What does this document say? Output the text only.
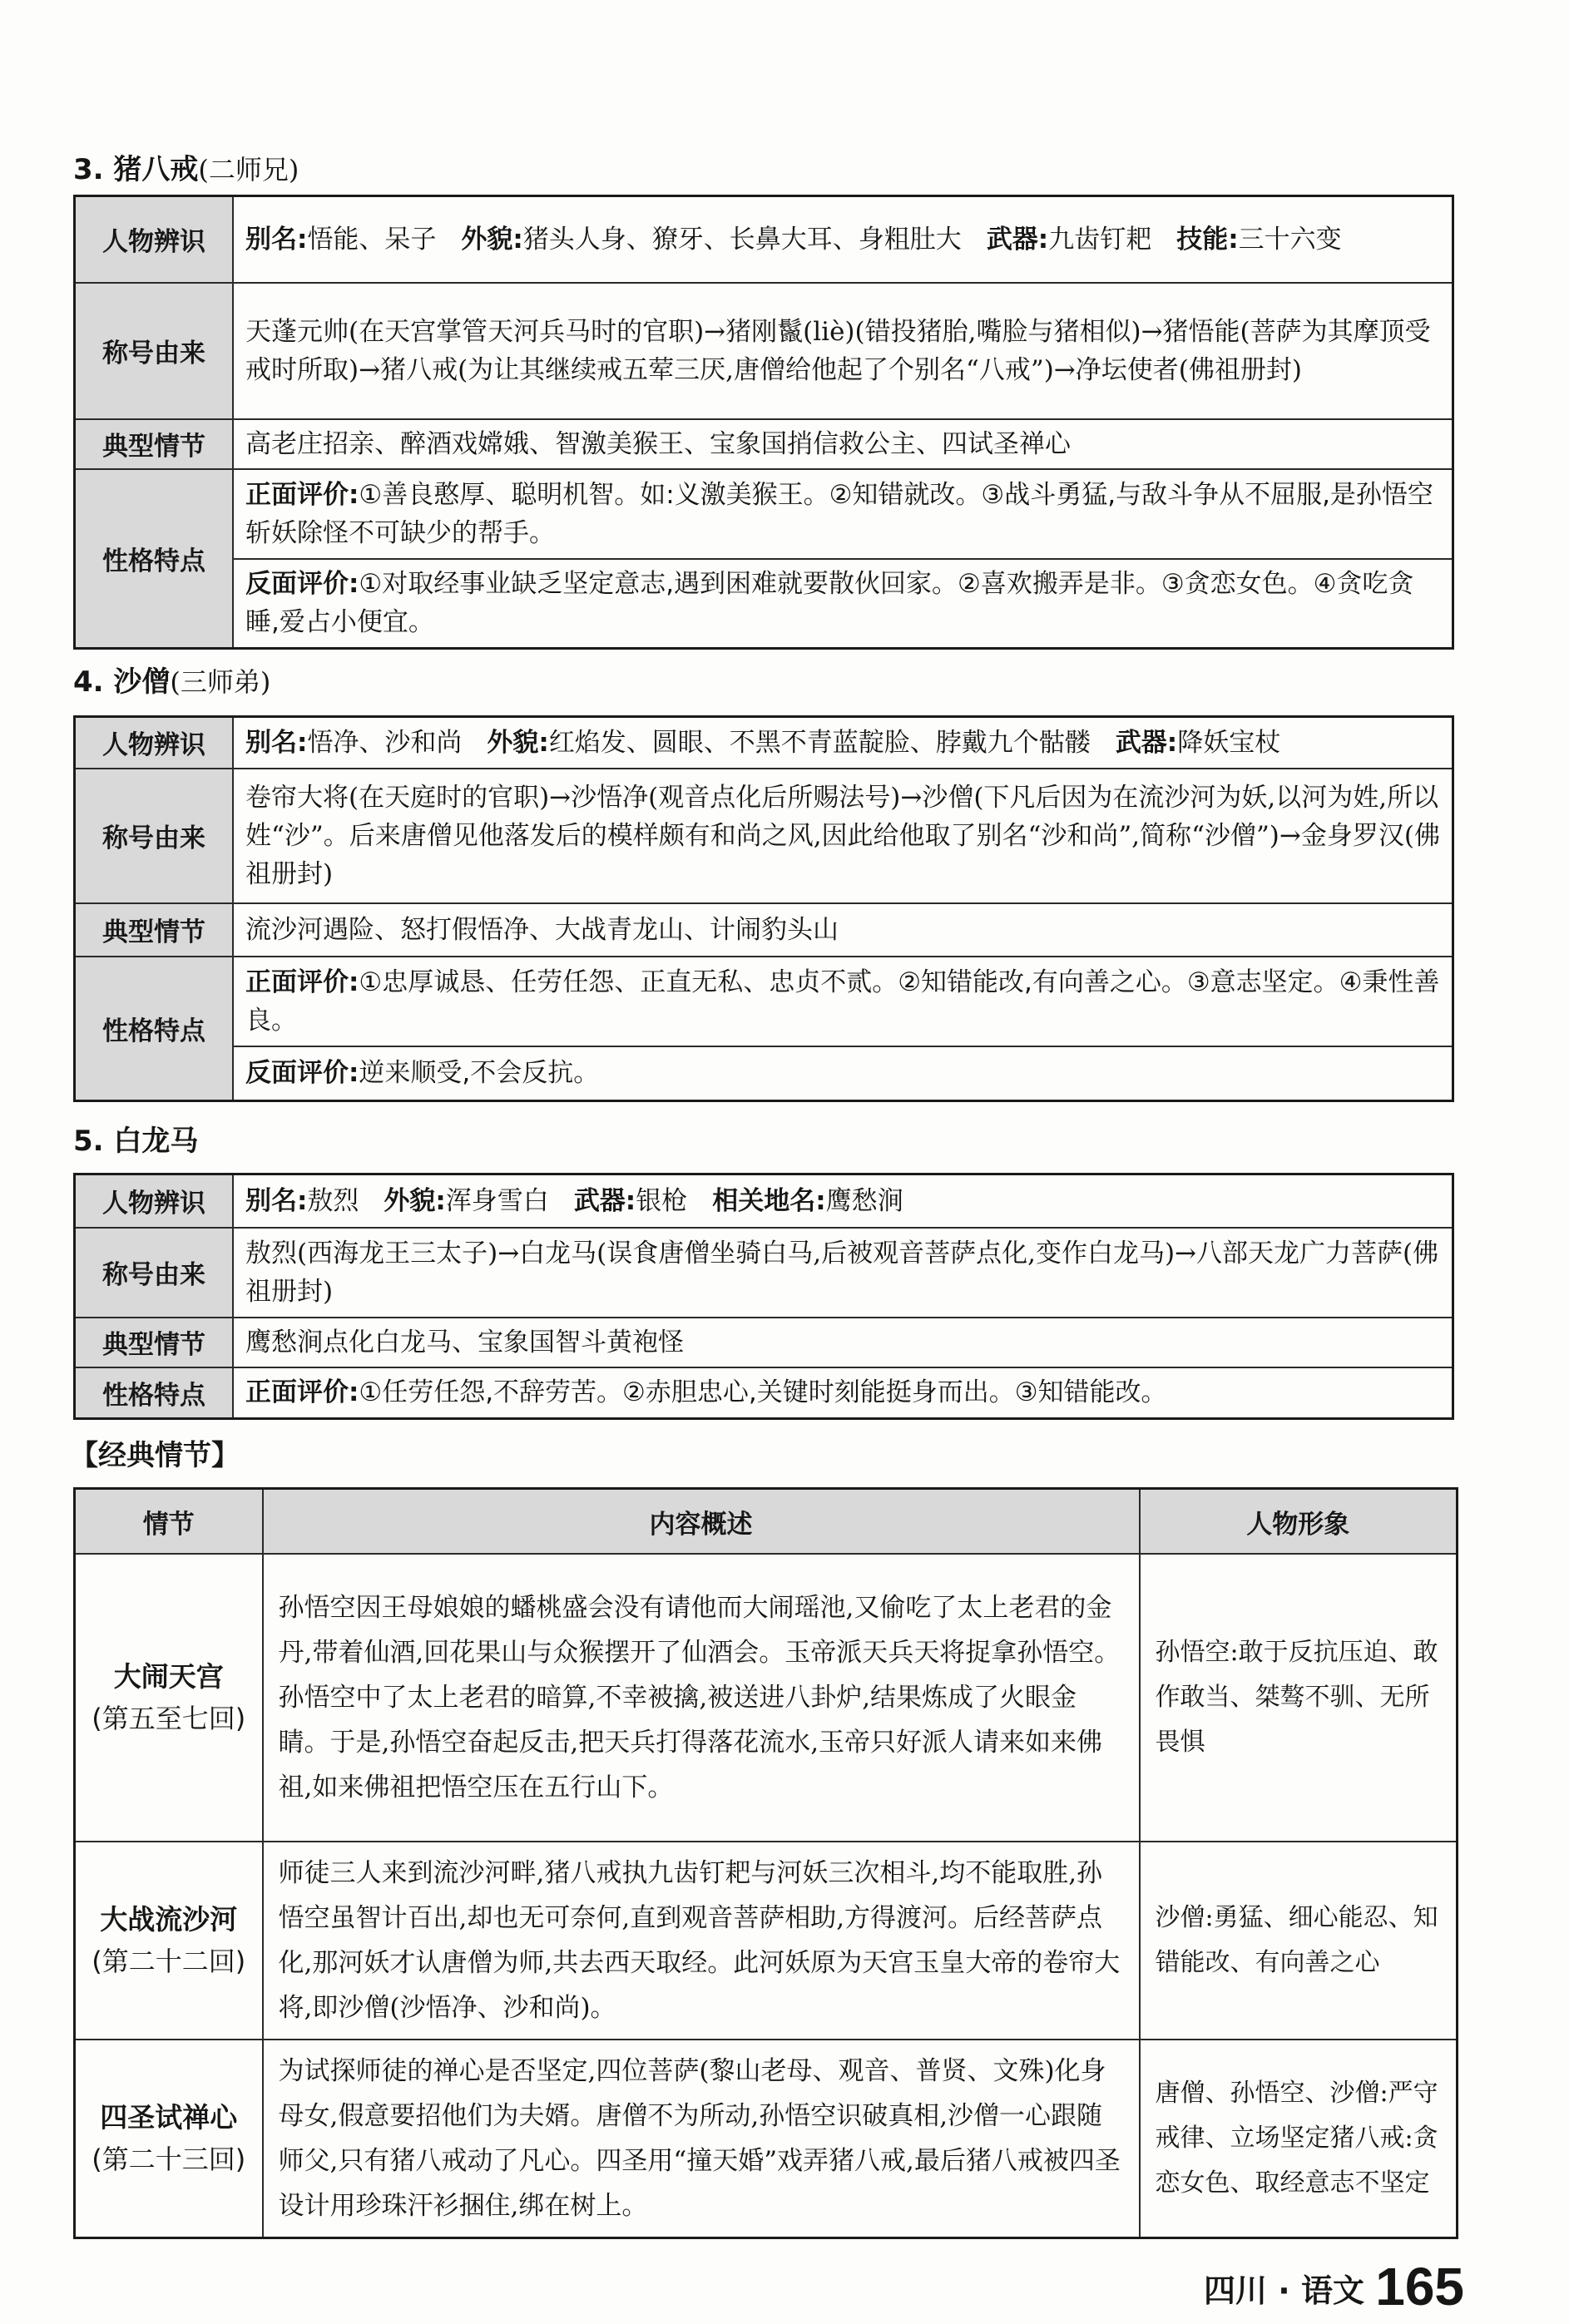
3. 猪八戒(二师兄)
人物辨识	别名:悟能、呆子 外貌:猪头人身、獠牙、长鼻大耳、身粗肚大 武器:九齿钉耙 技能:三十六变
称号由来	天蓬元帅(在天宫掌管天河兵马时的官职)→猪刚鬣(liè)(错投猪胎,嘴脸与猪相似)→猪悟能(菩萨为其摩顶受戒时所取)→猪八戒(为让其继续戒五荤三厌,唐僧给他起了个别名“八戒”)→净坛使者(佛祖册封)
典型情节	高老庄招亲、醉酒戏嫦娥、智激美猴王、宝象国捎信救公主、四试圣禅心
性格特点	正面评价:①善良憨厚、聪明机智。如:义激美猴王。②知错就改。③战斗勇猛,与敌斗争从不屈服,是孙悟空斩妖除怪不可缺少的帮手。
	反面评价:①对取经事业缺乏坚定意志,遇到困难就要散伙回家。②喜欢搬弄是非。③贪恋女色。④贪吃贪睡,爱占小便宜。
4. 沙僧(三师弟)
人物辨识	别名:悟净、沙和尚 外貌:红焰发、圆眼、不黑不青蓝靛脸、脖戴九个骷髅 武器:降妖宝杖
称号由来	卷帘大将(在天庭时的官职)→沙悟净(观音点化后所赐法号)→沙僧(下凡后因为在流沙河为妖,以河为姓,所以姓“沙”。后来唐僧见他落发后的模样颇有和尚之风,因此给他取了别名“沙和尚”,简称“沙僧”)→金身罗汉(佛祖册封)
典型情节	流沙河遇险、怒打假悟净、大战青龙山、计闹豹头山
性格特点	正面评价:①忠厚诚恳、任劳任怨、正直无私、忠贞不贰。②知错能改,有向善之心。③意志坚定。④秉性善良。
	反面评价:逆来顺受,不会反抗。
5. 白龙马
人物辨识	别名:敖烈 外貌:浑身雪白 武器:银枪 相关地名:鹰愁涧
称号由来	敖烈(西海龙王三太子)→白龙马(误食唐僧坐骑白马,后被观音菩萨点化,变作白龙马)→八部天龙广力菩萨(佛祖册封)
典型情节	鹰愁涧点化白龙马、宝象国智斗黄袍怪
性格特点	正面评价:①任劳任怨,不辞劳苦。②赤胆忠心,关键时刻能挺身而出。③知错能改。
【经典情节】
情节	内容概述	人物形象

大闹天宫
(第五至七回)	孙悟空因王母娘娘的蟠桃盛会没有请他而大闹瑶池,又偷吃了太上老君的金丹,带着仙酒,回花果山与众猴摆开了仙酒会。玉帝派天兵天将捉拿孙悟空。孙悟空中了太上老君的暗算,不幸被擒,被送进八卦炉,结果炼成了火眼金睛。于是,孙悟空奋起反击,把天兵打得落花流水,玉帝只好派人请来如来佛祖,如来佛祖把悟空压在五行山下。	孙悟空:敢于反抗压迫、敢作敢当、桀骜不驯、无所畏惧

大战流沙河
(第二十二回)	师徒三人来到流沙河畔,猪八戒执九齿钉耙与河妖三次相斗,均不能取胜,孙悟空虽智计百出,却也无可奈何,直到观音菩萨相助,方得渡河。后经菩萨点化,那河妖才认唐僧为师,共去西天取经。此河妖原为天宫玉皇大帝的卷帘大将,即沙僧(沙悟净、沙和尚)。	沙僧:勇猛、细心能忍、知错能改、有向善之心

四圣试禅心
(第二十三回)	为试探师徒的禅心是否坚定,四位菩萨(黎山老母、观音、普贤、文殊)化身母女,假意要招他们为夫婿。唐僧不为所动,孙悟空识破真相,沙僧一心跟随师父,只有猪八戒动了凡心。四圣用“撞天婚”戏弄猪八戒,最后猪八戒被四圣设计用珍珠汗衫捆住,绑在树上。	唐僧、孙悟空、沙僧:严守戒律、立场坚定猪八戒:贪恋女色、取经意志不坚定
四川 · 语文 165
